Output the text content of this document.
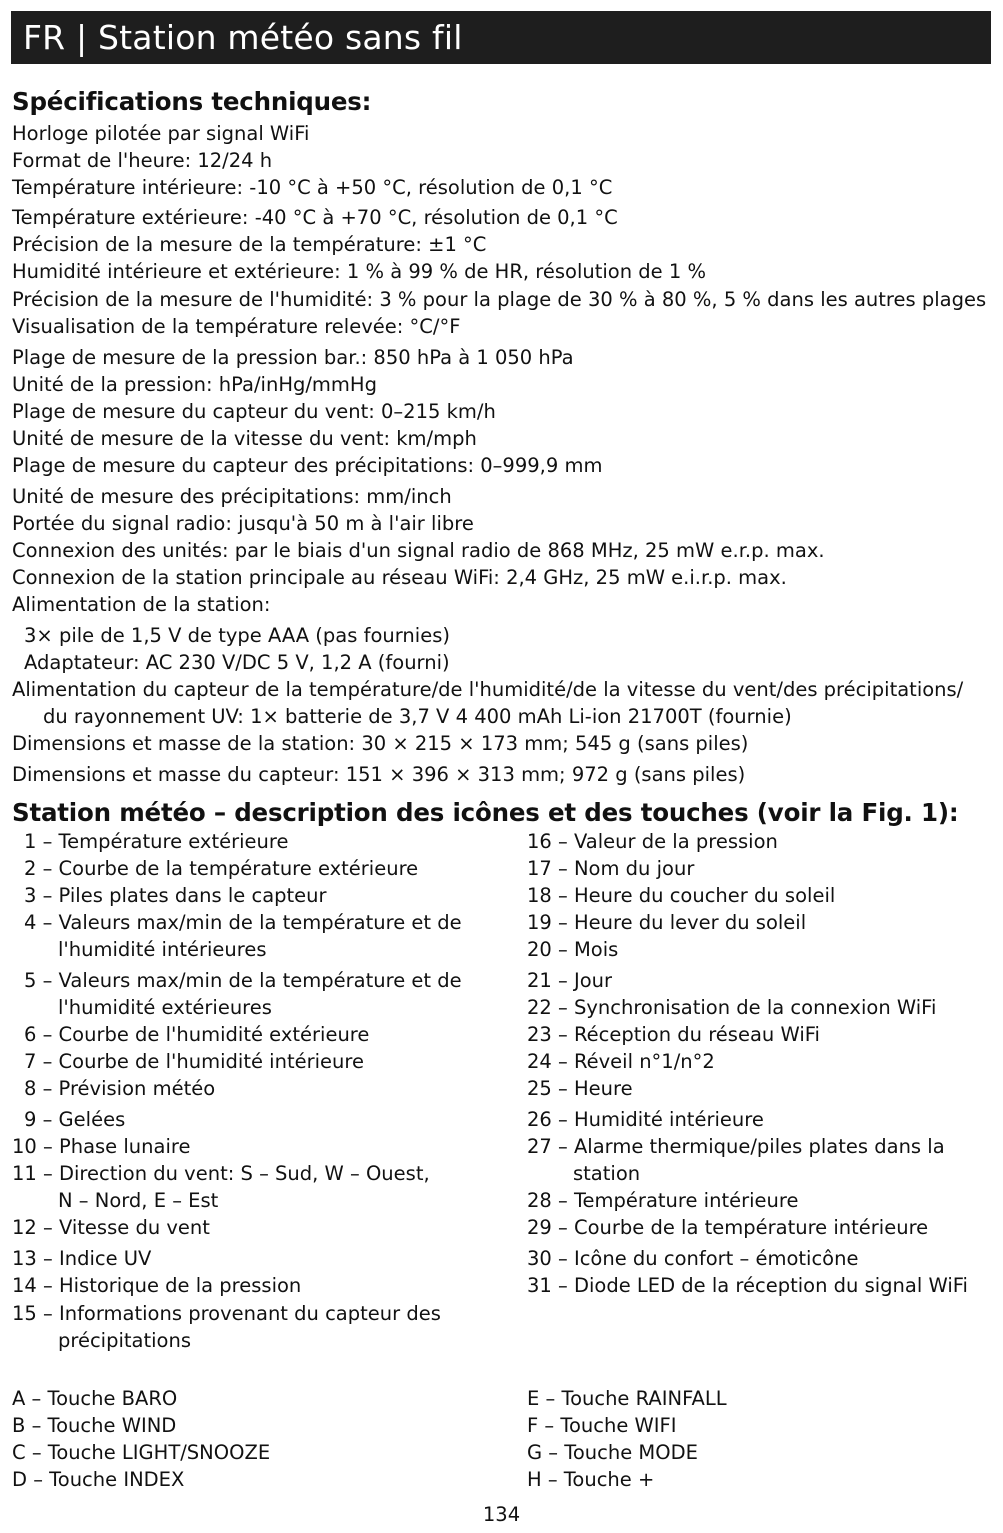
FR | Station météo sans fil
Spécifications techniques:
Horloge pilotée par signal WiFi
Format de l'heure: 12/24 h
Température intérieure: -10 °C à +50 °C, résolution de 0,1 °C
Température extérieure: -40 °C à +70 °C, résolution de 0,1 °C
Précision de la mesure de la température: ±1 °C
Humidité intérieure et extérieure: 1 % à 99 % de HR, résolution de 1 %
Précision de la mesure de l'humidité: 3 % pour la plage de 30 % à 80 %, 5 % dans les autres plages
Visualisation de la température relevée: °C/°F
Plage de mesure de la pression bar.: 850 hPa à 1 050 hPa
Unité de la pression: hPa/inHg/mmHg
Plage de mesure du capteur du vent: 0–215 km/h
Unité de mesure de la vitesse du vent: km/mph
Plage de mesure du capteur des précipitations: 0–999,9 mm
Unité de mesure des précipitations: mm/inch
Portée du signal radio: jusqu'à 50 m à l'air libre
Connexion des unités: par le biais d'un signal radio de 868 MHz, 25 mW e.r.p. max.
Connexion de la station principale au réseau WiFi: 2,4 GHz, 25 mW e.i.r.p. max.
Alimentation de la station:
3× pile de 1,5 V de type AAA (pas fournies)
Adaptateur: AC 230 V/DC 5 V, 1,2 A (fourni)
Alimentation du capteur de la température/de l'humidité/de la vitesse du vent/des précipitations/
du rayonnement UV: 1× batterie de 3,7 V 4 400 mAh Li-ion 21700T (fournie)
Dimensions et masse de la station: 30 × 215 × 173 mm; 545 g (sans piles)
Dimensions et masse du capteur: 151 × 396 × 313 mm; 972 g (sans piles)
Station météo – description des icônes et des touches (voir la Fig. 1):
1 – Température extérieure
2 – Courbe de la température extérieure
3 – Piles plates dans le capteur
4 – Valeurs max/min de la température et de
l'humidité intérieures
5 – Valeurs max/min de la température et de
l'humidité extérieures
6 – Courbe de l'humidité extérieure
7 – Courbe de l'humidité intérieure
8 – Prévision météo
9 – Gelées
10 – Phase lunaire
11 – Direction du vent: S – Sud, W – Ouest,
N – Nord, E – Est
12 – Vitesse du vent
13 – Indice UV
14 – Historique de la pression
15 – Informations provenant du capteur des
précipitations
16 – Valeur de la pression
17 – Nom du jour
18 – Heure du coucher du soleil
19 – Heure du lever du soleil
20 – Mois
21 – Jour
22 – Synchronisation de la connexion WiFi
23 – Réception du réseau WiFi
24 – Réveil n°1/n°2
25 – Heure
26 – Humidité intérieure
27 – Alarme thermique/piles plates dans la
station
28 – Température intérieure
29 – Courbe de la température intérieure
30 – Icône du confort – émoticône
31 – Diode LED de la réception du signal WiFi
A – Touche BARO
B – Touche WIND
C – Touche LIGHT/SNOOZE
D – Touche INDEX
E – Touche RAINFALL
F – Touche WIFI
G – Touche MODE
H – Touche +
134
